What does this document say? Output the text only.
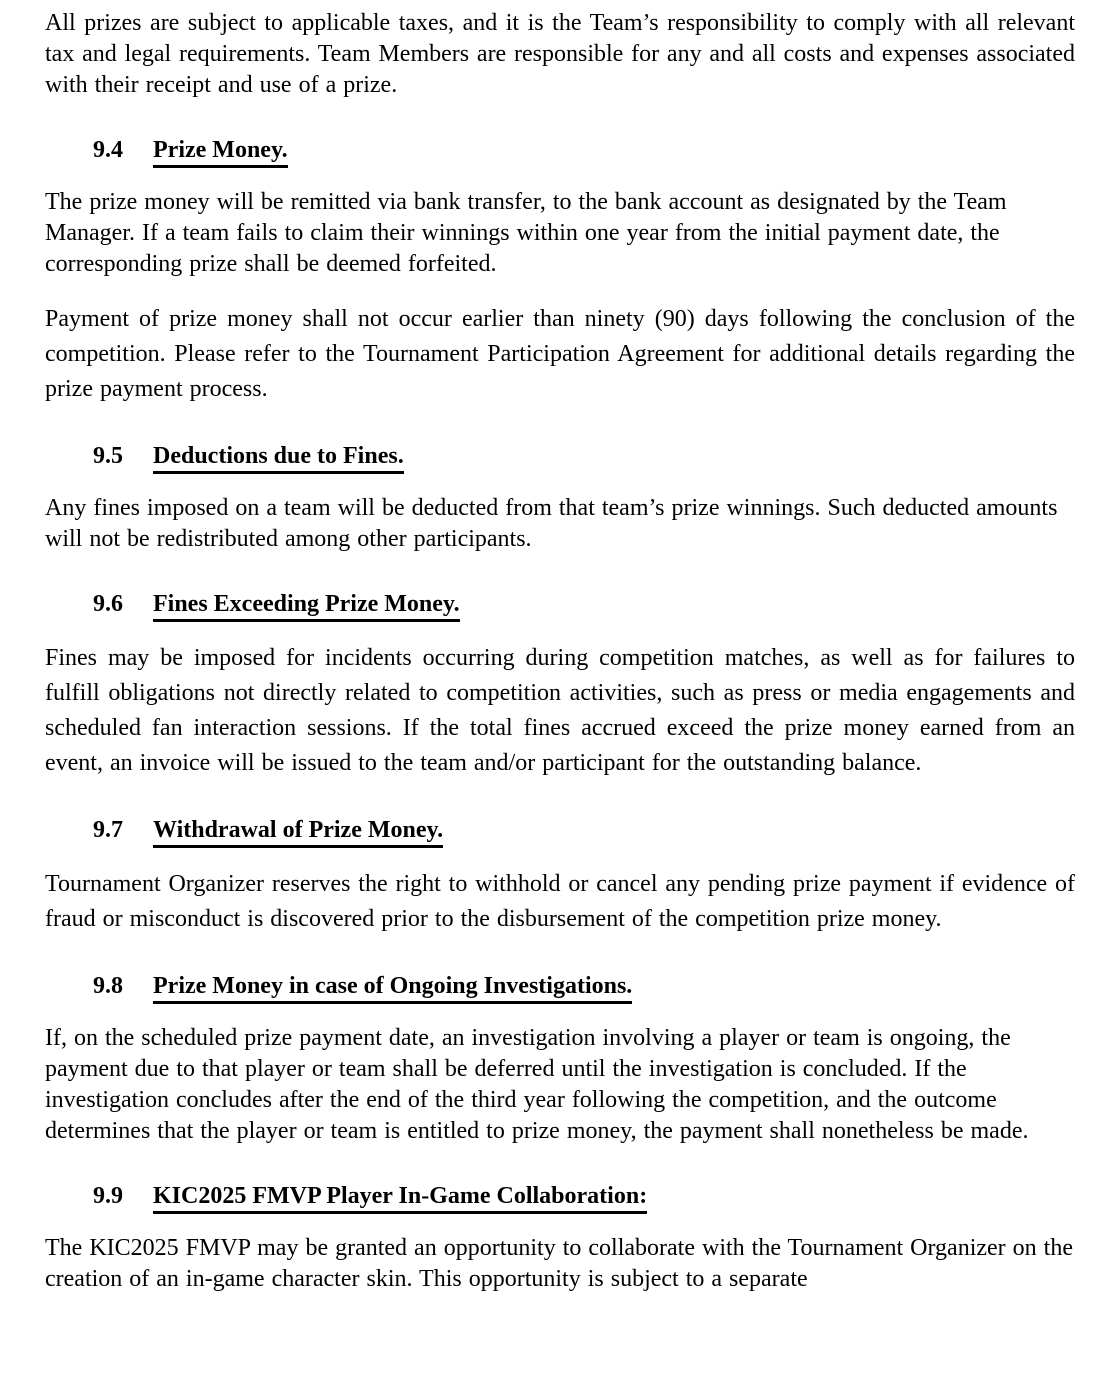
All prizes are subject to applicable taxes, and it is the Team’s responsibility to comply with all relevant tax and legal requirements. Team Members are responsible for any and all costs and expenses associated with their receipt and use of a prize.

9.4 Prize Money.

The prize money will be remitted via bank transfer, to the bank account as designated by the Team Manager. If a team fails to claim their winnings within one year from the initial payment date, the corresponding prize shall be deemed forfeited.

Payment of prize money shall not occur earlier than ninety (90) days following the conclusion of the competition. Please refer to the Tournament Participation Agreement for additional details regarding the prize payment process.

9.5 Deductions due to Fines.

Any fines imposed on a team will be deducted from that team’s prize winnings. Such deducted amounts will not be redistributed among other participants.

9.6 Fines Exceeding Prize Money.

Fines may be imposed for incidents occurring during competition matches, as well as for failures to fulfill obligations not directly related to competition activities, such as press or media engagements and scheduled fan interaction sessions. If the total fines accrued exceed the prize money earned from an event, an invoice will be issued to the team and/or participant for the outstanding balance.

9.7 Withdrawal of Prize Money.

Tournament Organizer reserves the right to withhold or cancel any pending prize payment if evidence of fraud or misconduct is discovered prior to the disbursement of the competition prize money.

9.8 Prize Money in case of Ongoing Investigations.

If, on the scheduled prize payment date, an investigation involving a player or team is ongoing, the payment due to that player or team shall be deferred until the investigation is concluded. If the investigation concludes after the end of the third year following the competition, and the outcome determines that the player or team is entitled to prize money, the payment shall nonetheless be made.

9.9 KIC2025 FMVP Player In-Game Collaboration:

The KIC2025 FMVP may be granted an opportunity to collaborate with the Tournament Organizer on the creation of an in-game character skin. This opportunity is subject to a separate
